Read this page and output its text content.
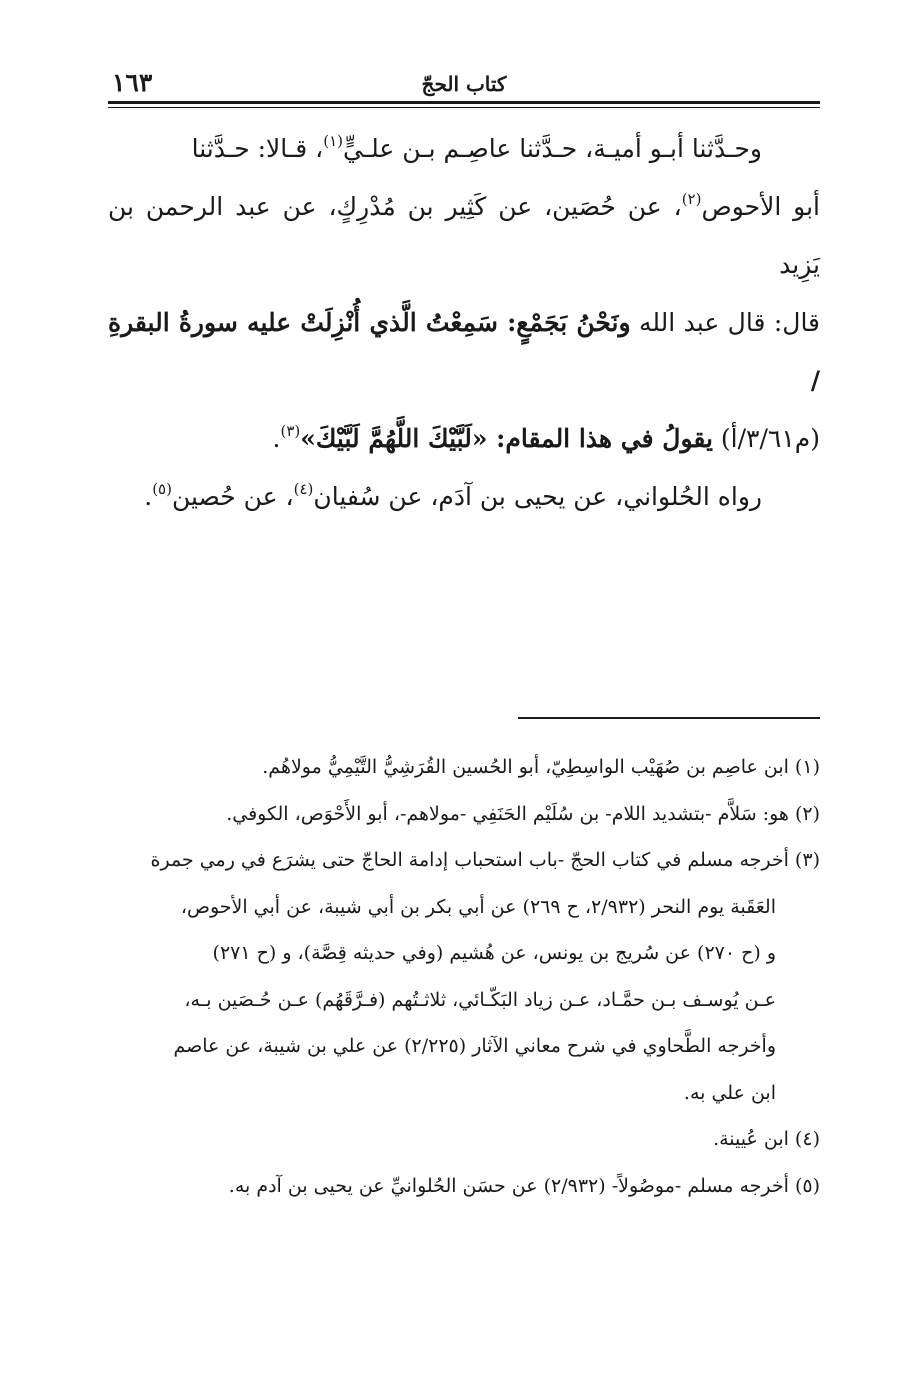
كتاب الحجّ
١٦٣

وحـدَّثنا أبـو أميـة، حـدَّثنا عاصِـم بـن علـيٍّ$^{(١)}$، قـالا: حـدَّثنا
أبو الأحوص$^{(٢)}$، عن حُصَين، عن كَثِير بن مُدْرِكٍ، عن عبد الرحمن بن يَزِيد
قال: قال عبد الله ونَحْنُ بَجَمْعٍ: سَمِعْتُ الَّذي أُنْزِلَتْ عليه سورةُ البقرةِ /
(م٣/٦١/أ) يقولُ في هذا المقام: «لَبَّيْكَ اللَّهُمَّ لَبَّيْكَ»$^{(٣)}$.

رواه الحُلواني، عن يحيى بن آدَم، عن سُفيان$^{(٤)}$، عن حُصين$^{(٥)}$.

(١) ابن عاصِم بن صُهَيْب الواسِطِيّ، أبو الحُسين القُرَشِيُّ التَّيْمِيُّ مولاهُم.
(٢) هو: سَلاَّم -بتشديد اللام- بن سُلَيْم الحَنَفِي -مولاهم-، أبو الأَحْوَص، الكوفي.
(٣) أخرجه مسلم في كتاب الحجّ -باب استحباب إدامة الحاجّ حتى يشرَع في رمي جمرة
العَقَبة يوم النحر (٢/٩٣٢، ح ٢٦٩) عن أبي بكر بن أبي شيبة، عن أبي الأحوص،
و (ح ٢٧٠) عن سُريج بن يونس، عن هُشيم (وفي حديثه قِصَّة)، و (ح ٢٧١)
عـن يُوسـف بـن حمَّـاد، عـن زياد البَكّـائي، ثلاثـتُهم (فـرَّقَهُم) عـن حُـصَين بـه،
وأخرجه الطَّحاوي في شرح معاني الآثار (٢/٢٢٥) عن علي بن شيبة، عن عاصم
ابن علي به.
(٤) ابن عُيينة.
(٥) أخرجه مسلم -موصُولاً- (٢/٩٣٢) عن حسَن الحُلوانيِّ عن يحيى بن آدم به.
